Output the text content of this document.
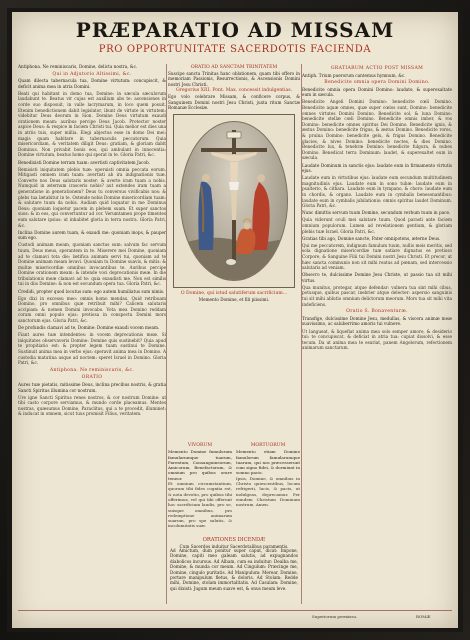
PRÆPARATIO AD MISSAM
PRO OPPORTUNITATE SACERDOTIS FACIENDA
Antiphona. Ne reminiscaris, Domine, delicta nostra, &c.
Qui in Adjutorio Altissimi, &c.
Quam dilecta tabernacula tua, Domine virtutum: concupiscit, & deficit anima mea in atria Domini.
Beati qui habitant in domo tua, Domine: in sæcula sæculorum laudabunt te. Beatus vir cujus est auxilium abs te: ascensiones in corde suo disposuit, in valle lacrymarum, in loco quem posuit. Etenim benedictionem dabit legislator, ibunt de virtute in virtutem: videbitur Deus deorum in Sion. Domine Deus virtutum exaudi orationem meam: auribus percipe Deus Jacob. Protector noster aspice Deus: & respice in faciem Christi tui. Quia melior est dies una in atriis tuis, super millia. Elegi abjectus esse in domo Dei mei: magis quam habitare in tabernaculis peccatorum. Quia misericordiam, & veritatem diligit Deus: gratiam, & gloriam dabit Dominus. Non privabit bonis eos, qui ambulant in innocentia: Domine virtutum, beatus homo qui sperat in te. Gloria Patri, &c.
Benedixisti Domine terram tuam: avertisti captivitatem Jacob.
Remisisti iniquitatem plebis tuæ: operuisti omnia peccata eorum. Mitigasti omnem iram tuam: avertisti ab ira indignationis tuæ. Converte nos Deus salutaris noster: & averte iram tuam a nobis. Numquid in æternum irasceris nobis? aut extendes iram tuam a generatione in generationem? Deus tu conversus vivificabis nos: & plebs tua lætabitur in te. Ostende nobis Domine misericordiam tuam: & salutare tuum da nobis. Audiam quid loquatur in me Dominus Deus: quoniam loquetur pacem in plebem suam. Et super sanctos suos: & in eos, qui convertuntur ad cor. Verumtamen prope timentes eum salutare ipsius: ut inhabitet gloria in terra nostra. Gloria Patri, &c.
Inclina Domine aurem tuam, & exaudi me: quoniam inops, & pauper sum ego.
Custodi animam meam, quoniam sanctus sum: salvum fac servum tuum, Deus meus, sperantem in te. Miserere mei Domine, quoniam ad te clamavi tota die: lætifica animam servi tui, quoniam ad te Domine animam meam levavi. Quoniam tu Domine suavis, & mitis: & multæ misericordiæ omnibus invocantibus te. Auribus percipe Domine orationem meam: & intende voci deprecationis meæ. In die tribulationis meæ clamavi ad te: quia exaudisti me. Non est similis tui in diis Domine: & non est secundum opera tua. Gloria Patri, &c.
Credidi, propter quod locutus sum: ego autem humiliatus sum nimis.
Ego dixi in excessu meo: omnis homo mendax. Quid retribuam Domino, pro omnibus quæ retribuit mihi? Calicem salutaris accipiam: & nomen Domini invocabo. Vota mea Domino reddam coram omni populo ejus: pretiosa in conspectu Domini mors sanctorum ejus. Gloria Patri, &c.
De profundis clamavi ad te, Domine: Domine exaudi vocem meam.
Fiant aures tuæ intendentes: in vocem deprecationis meæ. Si iniquitates observaveris Domine: Domine quis sustinebit? Quia apud te propitiatio est: & propter legem tuam sustinui te Domine. Sustinuit anima mea in verbo ejus: speravit anima mea in Domino. A custodia matutina usque ad noctem: speret Israel in Domino. Gloria Patri, &c.
Antiphona. Ne reminiscaris, &c.
ORATIO
Aures tuæ pietatis, mitissime Deus, inclina precibus nostris, & gratia Sancti Spiritus illumina cor nostrum.
Ure igne Sancti Spiritus renes nostros, & cor nostrum Domine: ut tibi casto corpore serviamus, & mundo corde placeamus. Mentes nostras, quæsumus Domine, Paraclitus, qui a te procedit, illuminet: & inducat in omnem, sicut tuus promisit Filius, veritatem.
ORATIO AD SANCTAM TRINITATEM
Suscipe sancta Trinitas hanc oblationem, quam tibi offero in memoriam Passionis, Resurrectionis, & Ascensionis Domini nostri Jesu Christi.
Gregorius XIII. Pont. Max. concessit indulgentias.
Ego volo celebrare Missam, & conficere corpus, & Sanguinem Domini nostri Jesu Christi, juxta ritum Sanctæ Romanæ Ecclesiæ.
O Domine, qui istud salutiferum sacrificium...
Memento Domine, et fili piissimi.
VIVORUM
Memento Domine famulorum famularumque tuarum, Parentum, Consanguineorum, Amicorum, Benefactorum, & omnium pro quibus orare teneor.
Et omnium circumstantium, quorum tibi fides cognita est, & nota devotio, pro quibus tibi offerimus, vel qui tibi offerunt hoc sacrificium laudis, pro se, suisque omnibus, pro redemptione animarum suarum, pro spe salutis, & incolumitatis suæ.
MORTUORUM
Memento etiam Domine famulorum famularumque tuarum, qui nos præcesserunt cum signo fidei, & dormiunt in somno pacis.
Ipsis, Domine, & omnibus in Christo quiescentibus, locum refrigerii, lucis, & pacis, ut indulgeas, deprecamur. Per eundem Christum Dominum nostrum. Amen.
ORATIONES DICENDÆ
Cum Sacerdos induitur Sacerdotalibus paramentis.
Ad Amictum, dum ponitur super caput, dicat: Impone, Domine, capiti meo galeam salutis, ad expugnandos diabolicos incursus. Ad Albam, cum ea induitur: Dealba me, Domine, & munda cor meum. Ad Cingulum: Præcinge me, Domine, cingulo puritatis. Ad Manipulum: Merear, Domine, portare manipulum fletus, & doloris. Ad Stolam: Redde mihi, Domine, stolam immortalitatis. Ad Casulam: Domine, qui dixisti: Jugum meum suave est, & onus meum leve.
GRATIARUM ACTIO POST MISSAM
Antiph. Trium puerorum cantemus hymnum, &c.
Benedicite omnia opera Domini Domino.
Benedicite omnia opera Domini Domino: laudate, & superexaltate eum in sæcula.
Benedicite Angeli Domini Domino: benedicite cœli Domino. Benedicite aquæ omnes, quæ super cœlos sunt, Domino: benedicite omnes virtutes Domini Domino. Benedicite sol, & luna Domino: benedicite stellæ cœli Domino. Benedicite omnis imber, & ros Domino: benedicite omnes spiritus Dei Domino. Benedicite ignis, & æstus Domino: benedicite frigus, & æstus Domino. Benedicite rores, & pruina Domino: benedicite gelu, & frigus Domino. Benedicite glacies, & nives Domino: benedicite noctes, & dies Domino. Benedicite lux, & tenebræ Domino: benedicite fulgura, & nubes Domino. Benedicat terra Dominum: laudet, & superexaltet eum in sæcula.
Laudate Dominum in sanctis ejus: laudate eum in firmamento virtutis ejus.
Laudate eum in virtutibus ejus: laudate eum secundum multitudinem magnitudinis ejus. Laudate eum in sono tubæ: laudate eum in psalterio, & cithara. Laudate eum in tympano, & choro: laudate eum in chordis, & organo. Laudate eum in cymbalis benesonantibus: laudate eum in cymbalis jubilationis: omnis spiritus laudet Dominum. Gloria Patri, &c.
Nunc dimittis servum tuum Domine, secundum verbum tuum in pace.
Quia viderunt oculi mei salutare tuum. Quod parasti ante faciem omnium populorum. Lumen ad revelationem gentium, & gloriam plebis tuæ Israel. Gloria Patri, &c.
Gratias tibi ago, Domine sancte, Pater omnipotens, æterne Deus.
Qui me peccatorem, indignum famulum tuum, nullis meis meritis, sed sola dignatione misericordiæ tuæ satiare dignatus es pretioso Corpore, & Sanguine Filii tui Domini nostri Jesu Christi. Et precor, ut hæc sancta communio non sit mihi reatus ad pœnam, sed intercessio salutaris ad veniam.
Obsecro te, dulcissime Domine Jesu Christe, ut passio tua sit mihi virtus.
Qua munitus, protegar, atque defendar: vulnera tua sint mihi cibus, potusque, quibus pascar, inebrier atque delecter: aspersio sanguinis tui sit mihi ablutio omnium delictorum meorum. Mors tua sit mihi vita indeficiens.
Oratio S. Bonaventuræ.
Transfige, dulcissime Domine Jesu, medullas, & viscera animæ meæ suavissimo, ac saluberrimo amoris tui vulnere.
Ut langueat, & liquefiat anima mea solo semper amore, & desiderio tui: te concupiscat, & deficiat in atria tua: cupiat dissolvi, & esse tecum. Da ut anima mea te esuriat, panem Angelorum, refectionem animarum sanctarum.
Superiorum permissu.	ROMÆ
